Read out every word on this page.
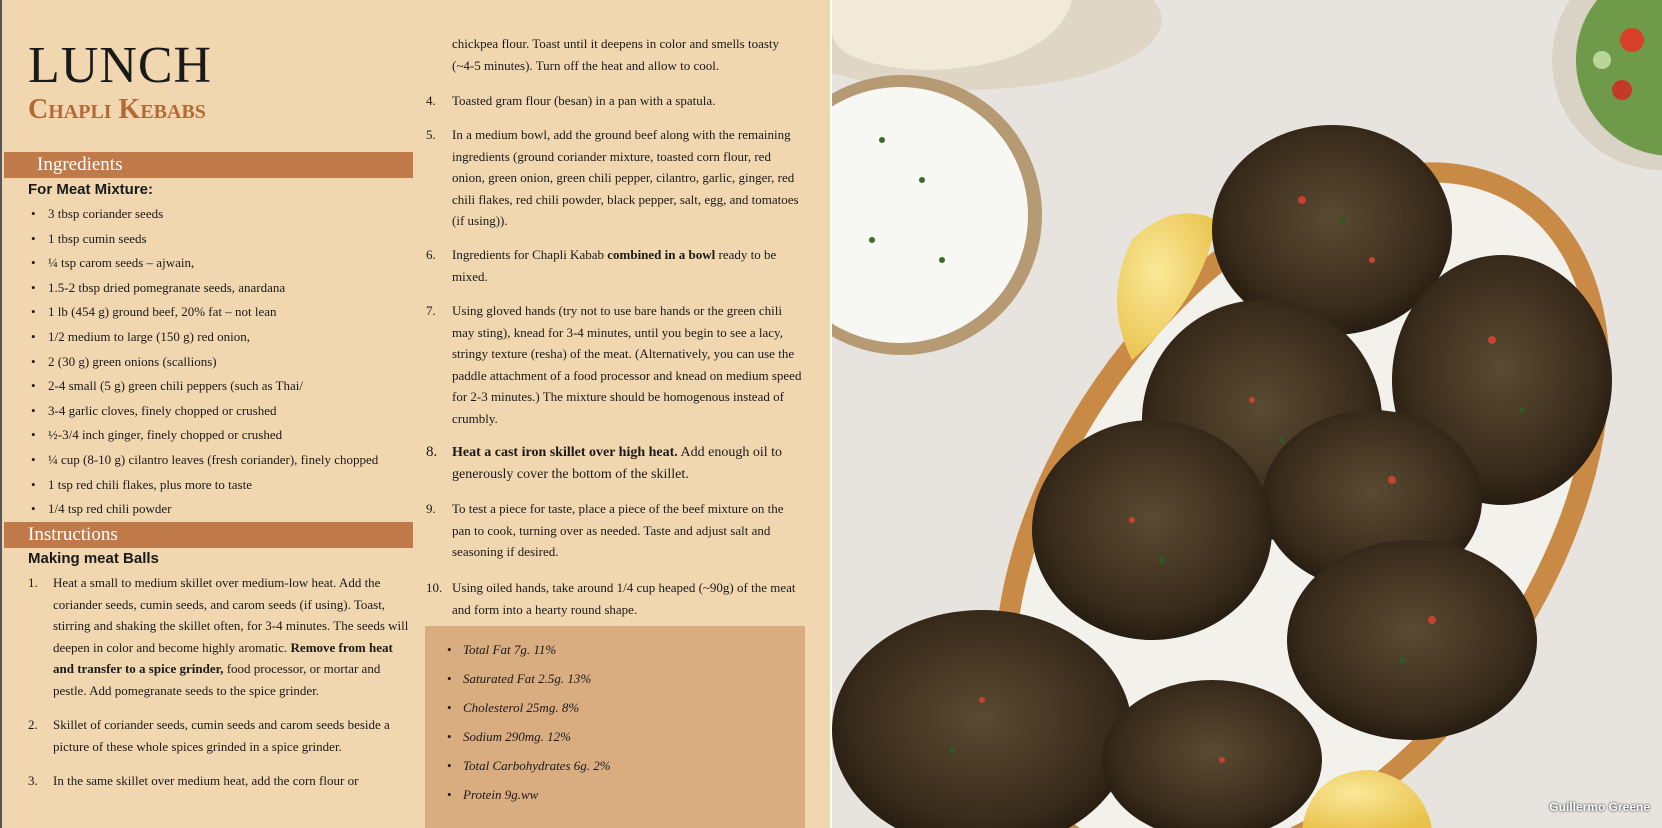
LUNCH
Chapli Kebabs
Ingredients
For Meat Mixture:
• 3 tbsp coriander seeds
• 1 tbsp cumin seeds
• ¼ tsp carom seeds – ajwain,
• 1.5-2 tbsp dried pomegranate seeds, anardana
• 1 lb (454 g) ground beef, 20% fat – not lean
• 1/2 medium to large (150 g) red onion,
• 2 (30 g) green onions (scallions)
• 2-4 small (5 g) green chili peppers (such as Thai/
• 3-4 garlic cloves, finely chopped or crushed
• ½-3/4 inch ginger, finely chopped or crushed
• ¼ cup (8-10 g) cilantro leaves (fresh coriander), finely chopped
• 1 tsp red chili flakes, plus more to taste
• 1/4 tsp red chili powder
Instructions
Making meat Balls
1. Heat a small to medium skillet over medium-low heat. Add the coriander seeds, cumin seeds, and carom seeds (if using). Toast, stirring and shaking the skillet often, for 3-4 minutes. The seeds will deepen in color and become highly aromatic. Remove from heat and transfer to a spice grinder, food processor, or mortar and pestle. Add pomegranate seeds to the spice grinder.
2. Skillet of coriander seeds, cumin seeds and carom seeds beside a picture of these whole spices grinded in a spice grinder.
3. In the same skillet over medium heat, add the corn flour or
chickpea flour. Toast until it deepens in color and smells toasty (~4-5 minutes). Turn off the heat and allow to cool.
4. Toasted gram flour (besan) in a pan with a spatula.
5. In a medium bowl, add the ground beef along with the remaining ingredients (ground coriander mixture, toasted corn flour, red onion, green onion, green chili pepper, cilantro, garlic, ginger, red chili flakes, red chili powder, black pepper, salt, egg, and tomatoes (if using)).
6. Ingredients for Chapli Kabab combined in a bowl ready to be mixed.
7. Using gloved hands (try not to use bare hands or the green chili may sting), knead for 3-4 minutes, until you begin to see a lacy, stringy texture (resha) of the meat. (Alternatively, you can use the paddle attachment of a food processor and knead on medium speed for 2-3 minutes.) The mixture should be homogenous instead of crumbly.
8. Heat a cast iron skillet over high heat. Add enough oil to generously cover the bottom of the skillet.
9. To test a piece for taste, place a piece of the beef mixture on the pan to cook, turning over as needed. Taste and adjust salt and seasoning if desired.
10. Using oiled hands, take around 1/4 cup heaped (~90g) of the meat and form into a hearty round shape.
• Total Fat 7g. 11%
• Saturated Fat 2.5g. 13%
• Cholesterol 25mg. 8%
• Sodium 290mg. 12%
• Total Carbohydrates 6g. 2%
• Protein 9g.ww
Guillermo Greene
